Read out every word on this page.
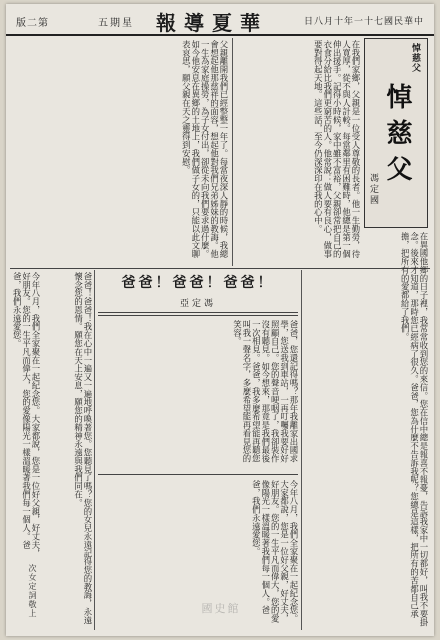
版二第	五期星 報導夏華	日八月十年一十七國民華中
悼慈父
悼慈父
馮定國
在我們家鄉，父親是一位受人尊敬的長者。他一生勤勞，待人寬厚，從不與人計較。每當鄰里有困難時，他總是第一個伸出援手。記得小時候，家中雖不富裕，父親卻常把自己的衣食分給比我們更窮苦的人。他常說：做人要有良心，做事要對得起天地。這些話，至今仍深深印在我的心中。
父親離開我們已經整整一年了。每當夜深人靜的時候，我總會想起他那慈祥的面容，想起他對我們兄弟姊妹的教誨。他一生為家庭操勞，為子女付出，卻從未向我們要求過什麼。如今他安息在異鄉的土地上，我們做子女的，只能以此文聊表哀思，願父親在天之靈得到安慰。
在異國他鄉的日子裡，我常常收到您的來信。您在信中總是報喜不報憂，告訴我家中一切都好，叫我不要掛念。後來才知道，那時您已經病了很久。爸爸，您為什麼不告訴我呢？您總是這樣，把所有的苦都自己承擔，把所有的愛都給了我們。
！爸爸！爸爸！爸爸
亞定馮
爸爸，您還記得嗎？那年我離家出國求學，您送我到車站，一再叮囑我要好好照顧自己。您的聲音哽咽了，我卻裝作沒有聽見。如今想來，那竟是我們最後一次相見。爸爸，我多麼希望能再聽您叫我一聲名字，多麼希望能再看見您的笑容。
今年八月，我們全家聚在一起紀念您。大家都說，您是一位好父親，好丈夫，好朋友。您的一生平凡而偉大，您的愛像陽光一樣溫暖著我們每一個人。爸爸，我們永遠愛您。
爸爸！爸爸！我在心中一遍又一遍地呼喚著您。您聽見了嗎？您的女兒永遠記得您的教誨，永遠懷念您的恩情。願您在天上安息，願您的精神永遠與我們同在。
今年八月，我們全家聚在一起紀念您。大家都說，您是一位好父親，好丈夫，好朋友。您的一生平凡而偉大，您的愛像陽光一樣溫暖著我們每一個人。爸爸，我們永遠愛您。
次女定詞敬上	國史館
